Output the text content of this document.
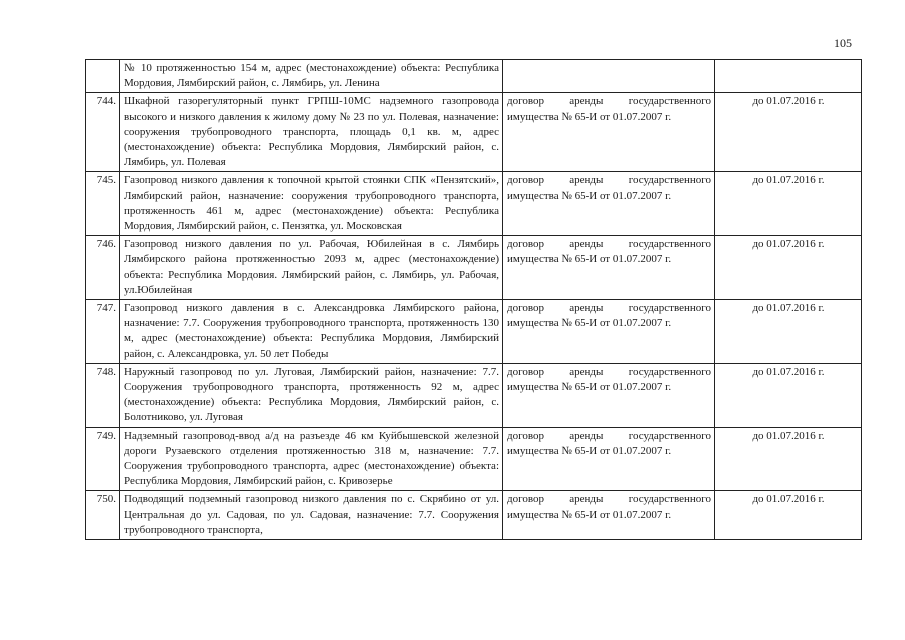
105
	№ 10 протяженностью 154 м, адрес (местонахождение) объекта: Республика Мордовия, Лямбирский район, с. Лямбирь, ул. Ленина		
744.	Шкафной газорегуляторный пункт ГРПШ-10МС надземного газопровода высокого и низкого давления к жилому дому № 23 по ул. Полевая, назначение: сооружения трубопроводного транспорта, площадь 0,1 кв. м, адрес (местонахождение) объекта: Республика Мордовия, Лямбирский район, с. Лямбирь, ул. Полевая	договор аренды государственного имущества № 65-И от 01.07.2007 г.	до 01.07.2016 г.
745.	Газопровод низкого давления к топочной крытой стоянки СПК «Пензятский», Лямбирский район, назначение: сооружения трубопроводного транспорта, протяженность 461 м, адрес (местонахождение) объекта: Республика Мордовия, Лямбирский район, с. Пензятка, ул. Московская	договор аренды государственного имущества № 65-И от 01.07.2007 г.	до 01.07.2016 г.
746.	Газопровод низкого давления по ул. Рабочая, Юбилейная в с. Лямбирь Лямбирского района протяженностью 2093 м, адрес (местонахождение) объекта: Республика Мордовия. Лямбирский район, с. Лямбирь, ул. Рабочая, ул.Юбилейная	договор аренды государственного имущества № 65-И от 01.07.2007 г.	до 01.07.2016 г.
747.	Газопровод низкого давления в с. Александровка Лямбирского района, назначение: 7.7. Сооружения трубопроводного транспорта, протяженность 130 м, адрес (местонахождение) объекта: Республика Мордовия, Лямбирский район, с. Александровка, ул. 50 лет Победы	договор аренды государственного имущества № 65-И от 01.07.2007 г.	до 01.07.2016 г.
748.	Наружный газопровод по ул. Луговая, Лямбирский район, назначение: 7.7. Сооружения трубопроводного транспорта, протяженность 92 м, адрес (местонахождение) объекта: Республика Мордовия, Лямбирский район, с. Болотниково, ул. Луговая	договор аренды государственного имущества № 65-И от 01.07.2007 г.	до 01.07.2016 г.
749.	Надземный газопровод-ввод а/д на разъезде 46 км Куйбышевской железной дороги Рузаевского отделения протяженностью 318 м, назначение: 7.7. Сооружения трубопроводного транспорта, адрес (местонахождение) объекта: Республика Мордовия, Лямбирский район, с. Кривозерье	договор аренды государственного имущества № 65-И от 01.07.2007 г.	до 01.07.2016 г.
750.	Подводящий подземный газопровод низкого давления по с. Скрябино от ул. Центральная до ул. Садовая, по ул. Садовая, назначение: 7.7. Сооружения трубопроводного транспорта,	договор аренды государственного имущества № 65-И от 01.07.2007 г.	до 01.07.2016 г.
